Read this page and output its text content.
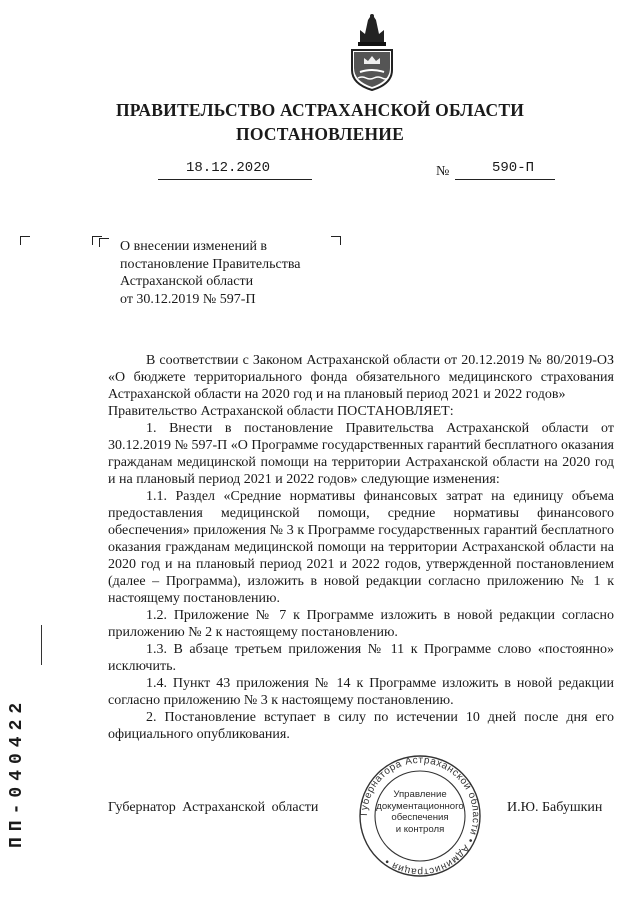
ПРАВИТЕЛЬСТВО АСТРАХАНСКОЙ ОБЛАСТИ
ПОСТАНОВЛЕНИЕ
18.12.2020	№	590-П
О внесении изменений в
постановление Правительства
Астраханской области
от 30.12.2019 № 597-П

В соответствии с Законом Астраханской области от 20.12.2019 № 80/2019-ОЗ «О бюджете территориального фонда обязательного медицинского страхования Астраханской области на 2020 год и на плановый период 2021 и 2022 годов»

Правительство Астраханской области ПОСТАНОВЛЯЕТ:

1. Внести в постановление Правительства Астраханской области от 30.12.2019 № 597-П «О Программе государственных гарантий бесплатного оказания гражданам медицинской помощи на территории Астраханской области на 2020 год и на плановый период 2021 и 2022 годов» следующие изменения:

1.1. Раздел «Средние нормативы финансовых затрат на единицу объема предоставления медицинской помощи, средние нормативы финансового обеспечения» приложения № 3 к Программе государственных гарантий бесплатного оказания гражданам медицинской помощи на территории Астраханской области на 2020 год и на плановый период 2021 и 2022 годов, утвержденной постановлением (далее – Программа), изложить в новой редакции согласно приложению № 1 к настоящему постановлению.

1.2. Приложение № 7 к Программе изложить в новой редакции согласно приложению № 2 к настоящему постановлению.

1.3. В абзаце третьем приложения № 11 к Программе слово «постоянно» исключить.

1.4. Пункт 43 приложения № 14 к Программе изложить в новой редакции согласно приложению № 3 к настоящему постановлению.

2. Постановление вступает в силу по истечении 10 дней после дня его официального опубликования.

Губернатора Астраханской области • Администрация •
Управление
документационного
обеспечения
и контроля
Губернатор Астраханской области	И.Ю. Бабушкин
ПП-040422
